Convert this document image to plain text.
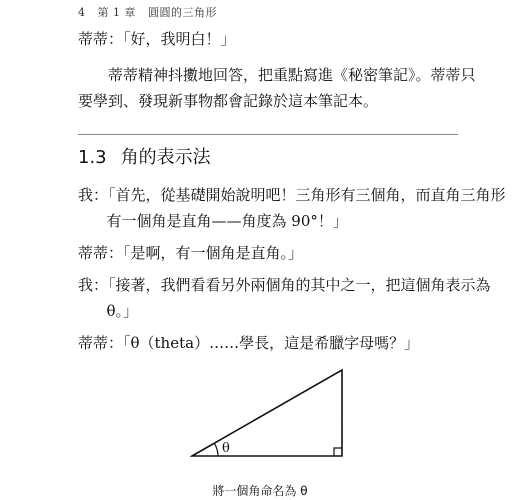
4 第 1 章 圓圓的三角形

蒂蒂：「好，我明白！」

蒂蒂精神抖擻地回答，把重點寫進《秘密筆記》。蒂蒂只要學到、發現新事物都會記錄於這本筆記本。

1.3 角的表示法

我：「首先，從基礎開始說明吧！三角形有三個角，而直角三角形有一個角是直角——角度為 90°！」

蒂蒂：「是啊，有一個角是直角。」

我：「接著，我們看看另外兩個角的其中之一，把這個角表示為 θ。」

蒂蒂：「θ（theta）……學長，這是希臘字母嗎？」

θ
將一個角命名為 θ
